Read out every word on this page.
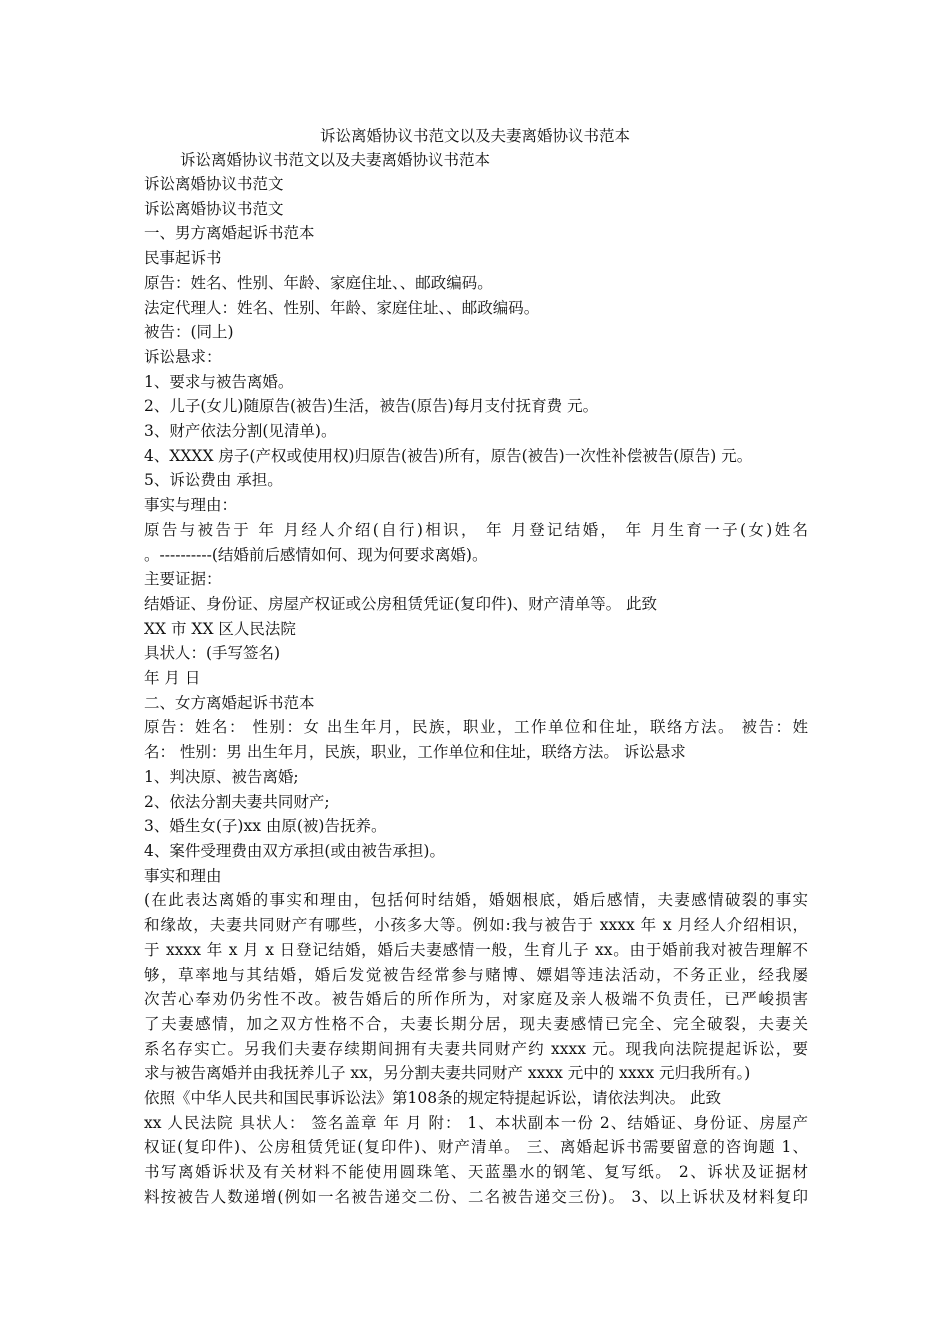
诉讼离婚协议书范文以及夫妻离婚协议书范本
诉讼离婚协议书范文以及夫妻离婚协议书范本
诉讼离婚协议书范文
诉讼离婚协议书范文
一、男方离婚起诉书范本
民事起诉书
原告：姓名、性别、年龄、家庭住址、、邮政编码。
法定代理人：姓名、性别、年龄、家庭住址、、邮政编码。
被告：(同上)
诉讼悬求：
1、要求与被告离婚。
2、儿子(女儿)随原告(被告)生活，被告(原告)每月支付抚育费 元。
3、财产依法分割(见清单)。
4、XXXX 房子(产权或使用权)归原告(被告)所有，原告(被告)一次性补偿被告(原告) 元。
5、诉讼费由 承担。
事实与理由：
原告与被告于 年 月经人介绍(自行)相识， 年 月登记结婚， 年 月生育一子(女)姓名
。----------(结婚前后感情如何、现为何要求离婚)。
主要证据：
结婚证、身份证、房屋产权证或公房租赁凭证(复印件)、财产清单等。 此致
XX 市 XX 区人民法院
具状人：(手写签名)
年 月 日
二、女方离婚起诉书范本
原告：姓名： 性别：女 出生年月，民族，职业，工作单位和住址，联络方法。 被告：姓
名： 性别：男 出生年月，民族，职业，工作单位和住址，联络方法。 诉讼悬求
1、判决原、被告离婚;
2、依法分割夫妻共同财产;
3、婚生女(子)xx 由原(被)告抚养。
4、案件受理费由双方承担(或由被告承担)。
事实和理由
(在此表达离婚的事实和理由，包括何时结婚，婚姻根底，婚后感情，夫妻感情破裂的事实
和缘故，夫妻共同财产有哪些，小孩多大等。例如:我与被告于 xxxx 年 x 月经人介绍相识，
于 xxxx 年 x 月 x 日登记结婚，婚后夫妻感情一般，生育儿子 xx。由于婚前我对被告理解不
够，草率地与其结婚，婚后发觉被告经常参与赌博、嫖娼等违法活动，不务正业，经我屡
次苦心奉劝仍劣性不改。被告婚后的所作所为，对家庭及亲人极端不负责任，已严峻损害
了夫妻感情，加之双方性格不合，夫妻长期分居，现夫妻感情已完全、完全破裂，夫妻关
系名存实亡。另我们夫妻存续期间拥有夫妻共同财产约 xxxx 元。现我向法院提起诉讼，要
求与被告离婚并由我抚养儿子 xx，另分割夫妻共同财产 xxxx 元中的 xxxx 元归我所有。)
依照《中华人民共和国民事诉讼法》第108条的规定特提起诉讼，请依法判决。 此致
xx 人民法院 具状人： 签名盖章 年 月 附： 1、本状副本一份 2、结婚证、身份证、房屋产
权证(复印件)、公房租赁凭证(复印件)、财产清单。 三、离婚起诉书需要留意的咨询题 1、
书写离婚诉状及有关材料不能使用圆珠笔、天蓝墨水的钢笔、复写纸。 2、诉状及证据材
料按被告人数递增(例如一名被告递交二份、二名被告递交三份)。 3、以上诉状及材料复印
